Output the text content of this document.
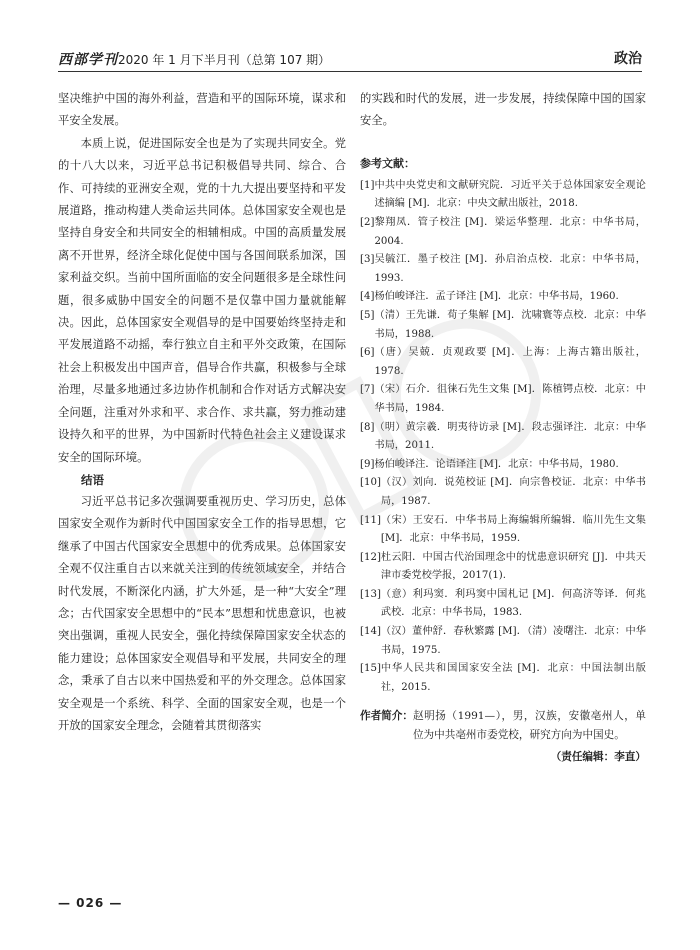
西部学刊2020 年 1 月下半月刊（总第 107 期）	政治

坚决维护中国的海外利益，营造和平的国际环境，谋求和平安全发展。

本质上说，促进国际安全也是为了实现共同安全。党的十八大以来，习近平总书记积极倡导共同、综合、合作、可持续的亚洲安全观，党的十九大提出要坚持和平发展道路，推动构建人类命运共同体。总体国家安全观也是坚持自身安全和共同安全的相辅相成。中国的高质量发展离不开世界，经济全球化促使中国与各国间联系加深，国家利益交织。当前中国所面临的安全问题很多是全球性问题，很多威胁中国安全的问题不是仅靠中国力量就能解决。因此，总体国家安全观倡导的是中国要始终坚持走和平发展道路不动摇，奉行独立自主和平外交政策，在国际社会上积极发出中国声音，倡导合作共赢，积极参与全球治理，尽量多地通过多边协作机制和合作对话方式解决安全问题，注重对外求和平、求合作、求共赢，努力推动建设持久和平的世界，为中国新时代特色社会主义建设谋求安全的国际环境。

结语

习近平总书记多次强调要重视历史、学习历史，总体国家安全观作为新时代中国国家安全工作的指导思想，它继承了中国古代国家安全思想中的优秀成果。总体国家安全观不仅注重自古以来就关注到的传统领域安全，并结合时代发展，不断深化内涵，扩大外延，是一种“大安全”理念；古代国家安全思想中的“民本”思想和忧患意识，也被突出强调，重视人民安全，强化持续保障国家安全状态的能力建设；总体国家安全观倡导和平发展，共同安全的理念，秉承了自古以来中国热爱和平的外交理念。总体国家安全观是一个系统、科学、全面的国家安全观，也是一个开放的国家安全理念，会随着其贯彻落实

的实践和时代的发展，进一步发展，持续保障中国的国家安全。

参考文献：
[1] 中共中央党史和文献研究院．习近平关于总体国家安全观论述摘编 [M]．北京：中央文献出版社，2018.
[2] 黎翔凤．管子校注 [M]．梁运华整理．北京：中华书局，2004.
[3] 吴毓江．墨子校注 [M]．孙启治点校．北京：中华书局，1993.
[4] 杨伯峻译注．孟子译注 [M]．北京：中华书局，1960.
[5] （清）王先谦．荀子集解 [M]．沈啸寰等点校．北京：中华书局，1988.
[6] （唐）吴兢．贞观政要 [M]．上海：上海古籍出版社，1978.
[7] （宋）石介．徂徕石先生文集 [M]．陈植锷点校．北京：中华书局，1984.
[8] （明）黄宗羲．明夷待访录 [M]．段志强译注．北京：中华书局，2011.
[9] 杨伯峻译注．论语译注 [M]．北京：中华书局，1980.
[10] （汉）刘向．说苑校证 [M]．向宗鲁校证．北京：中华书局，1987.
[11] （宋）王安石．中华书局上海编辑所编辑．临川先生文集 [M]．北京：中华书局，1959.
[12] 杜云阳．中国古代治国理念中的忧患意识研究 [J]．中共天津市委党校学报，2017(1).
[13] （意）利玛窦．利玛窦中国札记 [M]．何高济等译．何兆武校．北京：中华书局，1983.
[14] （汉）董仲舒．春秋繁露 [M]．（清）凌曙注．北京：中华书局，1975.
[15] 中华人民共和国国家安全法 [M]．北京：中国法制出版社，2015.
作者简介： 赵明扬（1991—），男，汉族，安徽亳州人，单位为中共亳州市委党校，研究方向为中国史。
（责任编辑：李直）
— 026 —
